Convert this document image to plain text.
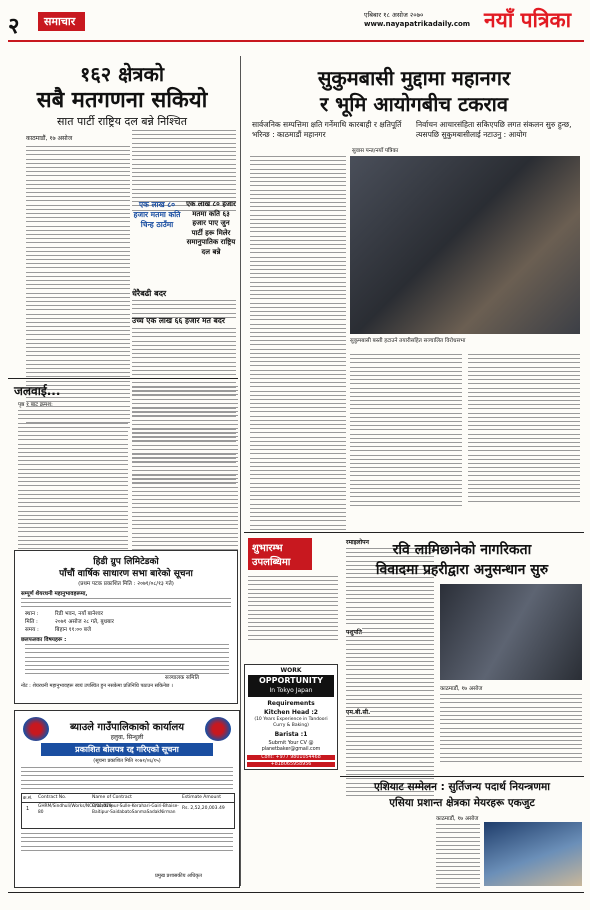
२	समाचार	एबिबार १८ असोज २०७०
www.nayapatrikadaily.com नयाँ पत्रिका
१६२ क्षेत्रको
सबै मतगणना सकियो
सात पार्टी राष्ट्रिय दल बन्ने निश्चित
काठमाडौं, १७ असोज
एक लाख ८० हजार मतमा कति चिन्ह ठाउँमा
एक लाख ८० हजार मतमा कति ६३ हजार पाए जुन पार्टी हरू मिलेर समानुपातिक राष्ट्रिय दल बन्ने
धेरैबढी बदर
उच्च एक लाख ६६ हजार मत बदर
सुकुमबासी मुद्दामा महानगर
र भूमि आयोगबीच टकराव
सार्वजनिक सम्पत्तिमा क्षति गर्नेमाथि कारबाही र क्षतिपूर्ति भरिन्छ : काठमाडौं महानगर
निर्वाचन आचारसंहिता सकिएपछि लगत संकलन सुरु हुन्छ, त्यसपछि सुकुमबासीलाई नटाउनु : आयोग
सुवास पन्त/नयाँ पत्रिका
सुकुमबासी बस्ती हटाउने तयारीसहित सञ्चालित विरोधसभा
जलवाई...
पृष्ठ १ बाट क्रमश:
शुभारम्भ
उपलब्धिमा
रमाइलोपन
पशुपति
एम.बी.सी.
रवि लामिछानेको नागरिकता
विवादमा प्रहरीद्वारा अनुसन्धान सुरु
काठमाडौं, १७ असोज
एशियाट सम्मेलन : सुर्तिजन्य पदार्थ नियन्त्रणमा
एसिया प्रशान्त क्षेत्रका मेयरहरू एकजुट
काठमाडौं, १७ असोज
हिडी ग्रुप लिमिटेडको
पाँचौं वार्षिक साधारण सभा बारेको सूचना
(प्रथम पटक प्रकाशित मिति : २०७१/०८/१३ गते)
सम्पूर्ण शेयरधनी महानुभावहरूमा,
स्थान :	रिडी भवन, नयाँ बानेश्वर
मिति :	२०७१ असोज २८ गते, बुधबार
समय :	बिहान ११:०० बजे
छलफलका विषयहरू :
सञ्चालक समिति
नोट : शेयरधनी महानुभावहरू स्वयं उपस्थित हुन नसकेमा प्रतिनिधि पठाउन सकिनेछ ।
WORK
OPPORTUNITY
In Tokyo Japan
Requirements
Kitchen Head :2
(10 Years Experience in Tandoori Curry & Baking)
Barista :1
Submit Your CV @
planetbaker@gmail.com
Cont: +977 9801054468
+818065958956
ब्याउले गाउँपालिकाको कार्यालय
हलुवा, सिन्धुली
प्रकाशित बोलपत्र रद्द गरिएको सूचना
(सूचना प्रकाशित मिति २०७१/०६/१५)
क्र.सं. Contract No.	Name of Contract	Estimate Amount
1 GHRM/Sindhuli/Works/NCB/01/079-80
Chandanpur-Sulle-Kerahari-Gairi-Bhaise-Baitipur-SaidabatoSanmaSadakNirman
Rs. 2,52,20,003.49
प्रमुख प्रशासकीय अधिकृत
